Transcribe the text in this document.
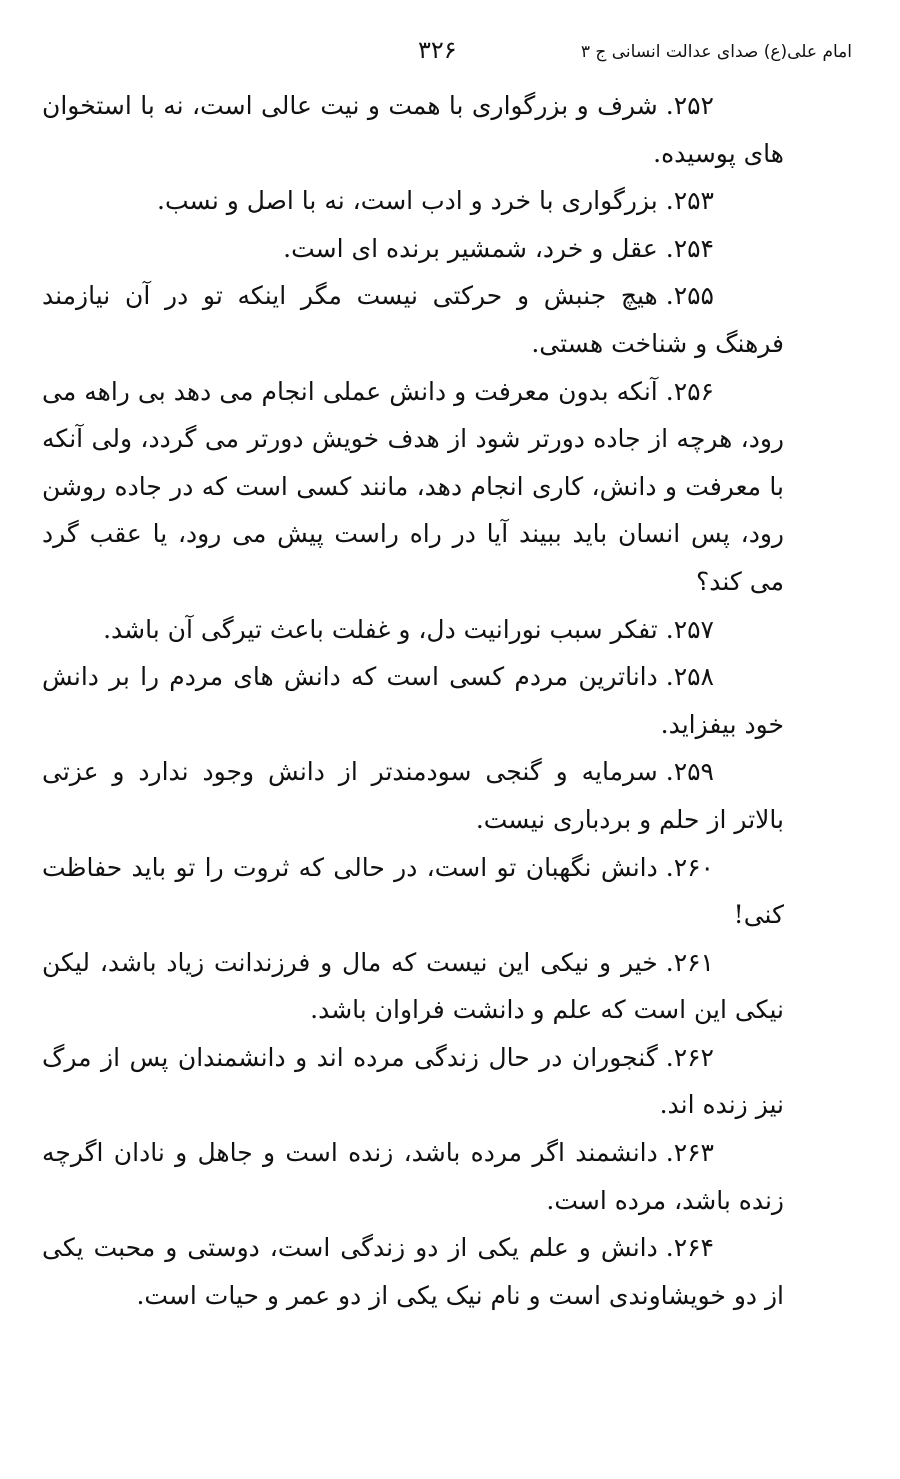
امام علی(ع) صدای عدالت انسانی ج ۳
۳۲۶

۲۵۲.شرف و بزرگواری با همت و نیت عالی است، نه با استخوان های پوسیده.

۲۵۳.بزرگواری با خرد و ادب است، نه با اصل و نسب.

۲۵۴.عقل و خرد، شمشیر برنده ای است.

۲۵۵.هیچ جنبش و حرکتی نیست مگر اینکه تو در آن نیازمند فرهنگ و شناخت هستی.

۲۵۶.آنکه بدون معرفت و دانش عملی انجام می دهد بی راهه می رود، هرچه از جاده دورتر شود از هدف خویش دورتر می گردد، ولی آنکه با معرفت و دانش، کاری انجام دهد، مانند کسی است که در جاده روشن رود، پس انسان باید ببیند آیا در راه راست پیش می رود، یا عقب گرد می کند؟

۲۵۷.تفکر سبب نورانیت دل، و غفلت باعث تیرگی آن باشد.

۲۵۸.داناترین مردم کسی است که دانش های مردم را بر دانش خود بیفزاید.

۲۵۹.سرمایه و گنجی سودمندتر از دانش وجود ندارد و عزتی بالاتر از حلم و بردباری نیست.

۲۶۰.دانش نگهبان تو است، در حالی که ثروت را تو باید حفاظت کنی!

۲۶۱.خیر و نیکی این نیست که مال و فرزندانت زیاد باشد، لیکن نیکی این است که علم و دانشت فراوان باشد.

۲۶۲.گنجوران در حال زندگی مرده اند و دانشمندان پس از مرگ نیز زنده اند.

۲۶۳.دانشمند اگر مرده باشد، زنده است و جاهل و نادان اگرچه زنده باشد، مرده است.

۲۶۴.دانش و علم یکی از دو زندگی است، دوستی و محبت یکی از دو خویشاوندی است و نام نیک یکی از دو عمر و حیات است.
